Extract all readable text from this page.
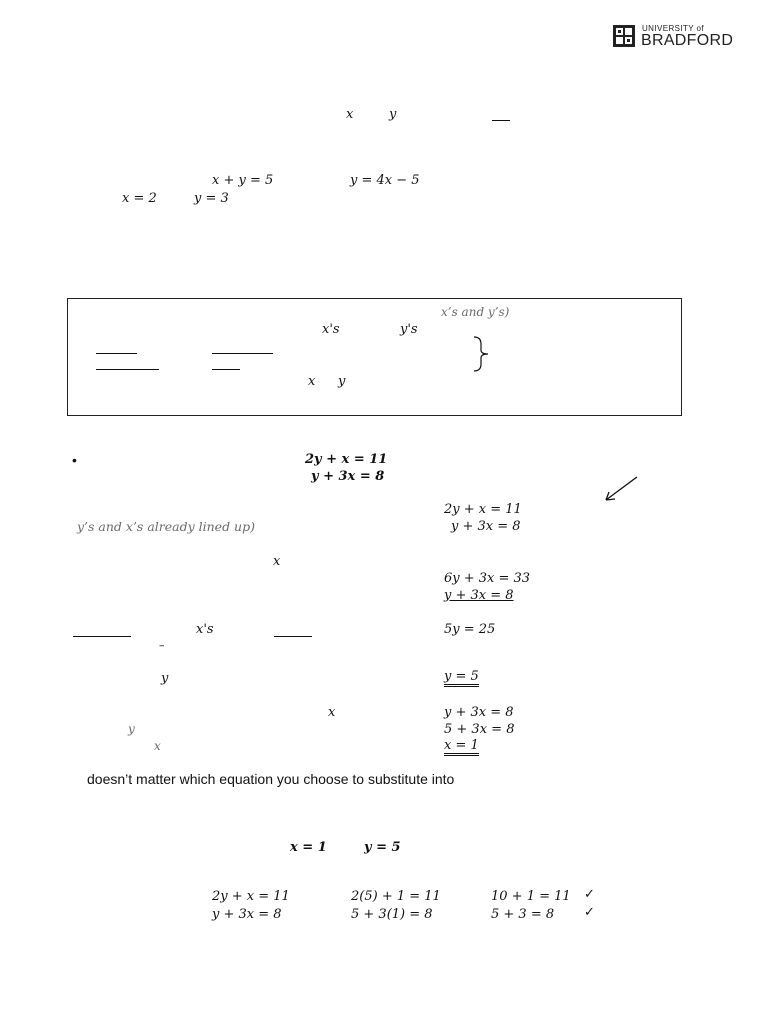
UNIVERSITY of
BRADFORD
x	y
x + y = 5	y = 4x − 5
x = 2	y = 3
x’s and y’s)
x's	y's
x y
•	2y + x = 11
y + 3x = 8
2y + x = 11
y’s and x’s already lined up)	y + 3x = 8
x
6y + 3x = 33
y + 3x = 8
x's	5y = 25
–
y	y = 5
x	y + 3x = 8
y	5 + 3x = 8
x	x = 1
doesn’t matter which equation you choose to substitute into
x = 1	y = 5
2y + x = 11	2(5) + 1 = 11	10 + 1 = 11 ✓
y + 3x = 8	5 + 3(1) = 8	5 + 3 = 8 ✓
